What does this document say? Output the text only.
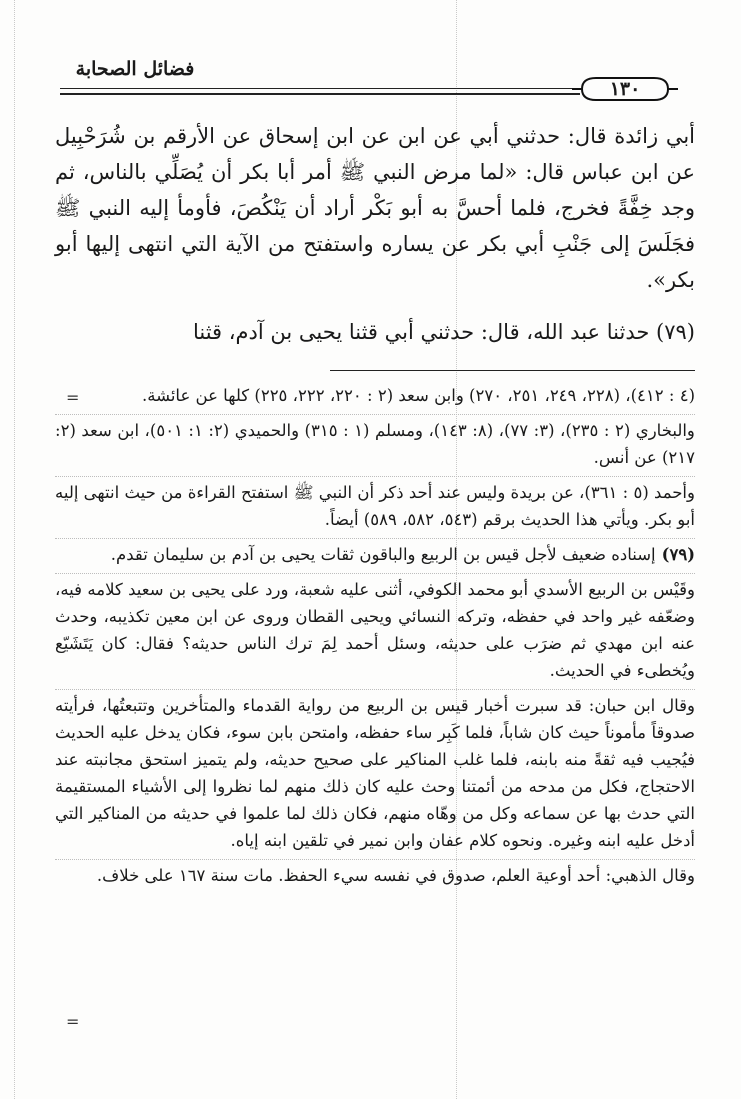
فضائل الصحابة
١٣٠

أبي زائدة قال: حدثني أبي عن ابن عن ابن إسحاق عن الأرقم بن شُرَحْبِيل عن ابن عباس قال: «لما مرض النبي ﷺ أمر أبا بكر أن يُصَلِّي بالناس، ثم وجد خِفَّةً فخرج، فلما أحسَّ به أبو بَكْر أراد أن يَنْكُصَ، فأومأ إليه النبي ﷺ فجَلَسَ إلى جَنْبِ أبي بكر عن يساره واستفتح من الآية التي انتهى إليها أبو بكر».

(٧٩) حدثنا عبد الله، قال: حدثني أبي قثنا يحيى بن آدم، قثنا

=	(٤ : ٤١٢)، (٢٢٨، ٢٤٩، ٢٥١، ٢٧٠) وابن سعد (٢ : ٢٢٠، ٢٢٢، ٢٢٥) كلها عن عائشة.
والبخاري (٢ : ٢٣٥)، (٣: ٧٧)، (٨: ١٤٣)، ومسلم (١ : ٣١٥) والحميدي (٢: ١: ٥٠١)، ابن سعد (٢: ٢١٧) عن أنس.
وأحمد (٥ : ٣٦١)، عن بريدة وليس عند أحد ذكر أن النبي ﷺ استفتح القراءة من حيث انتهى إليه أبو بكر. ويأتي هذا الحديث برقم (٥٤٣، ٥٨٢، ٥٨٩) أيضاً.
(٧٩)إسناده ضعيف لأجل قيس بن الربيع والباقون ثقات يحيى بن آدم بن سليمان تقدم.
وقَيْس بن الربيع الأسدي أبو محمد الكوفي، أثنى عليه شعبة، ورد على يحيى بن سعيد كلامه فيه، وضعّفه غير واحد في حفظه، وتركه النسائي ويحيى القطان وروى عن ابن معين تكذيبه، وحدث عنه ابن مهدي ثم ضرَب على حديثه، وسئل أحمد لِمَ ترك الناس حديثه؟ فقال: كان يَتَشَيّع ويُخطىء في الحديث.
وقال ابن حبان: قد سبرت أخبار قيس بن الربيع من رواية القدماء والمتأخرين وتتبعتُها، فرأيته صدوقاً مأموناً حيث كان شاباً، فلما كَبِر ساء حفظه، وامتحن بابن سوء، فكان يدخل عليه الحديث فيُجيب فيه ثقةً منه بابنه، فلما غلب المناكير على صحيح حديثه، ولم يتميز استحق مجانبته عند الاحتجاج، فكل من مدحه من أئمتنا وحث عليه كان ذلك منهم لما نظروا إلى الأشياء المستقيمة التي حدث بها عن سماعه وكل من وهّاه منهم، فكان ذلك لما علموا في حديثه من المناكير التي أدخل عليه ابنه وغيره. ونحوه كلام عفان وابن نمير في تلقين ابنه إياه.
وقال الذهبي: أحد أوعية العلم، صدوق في نفسه سيء الحفظ. مات سنة ١٦٧ على خلاف.
=
